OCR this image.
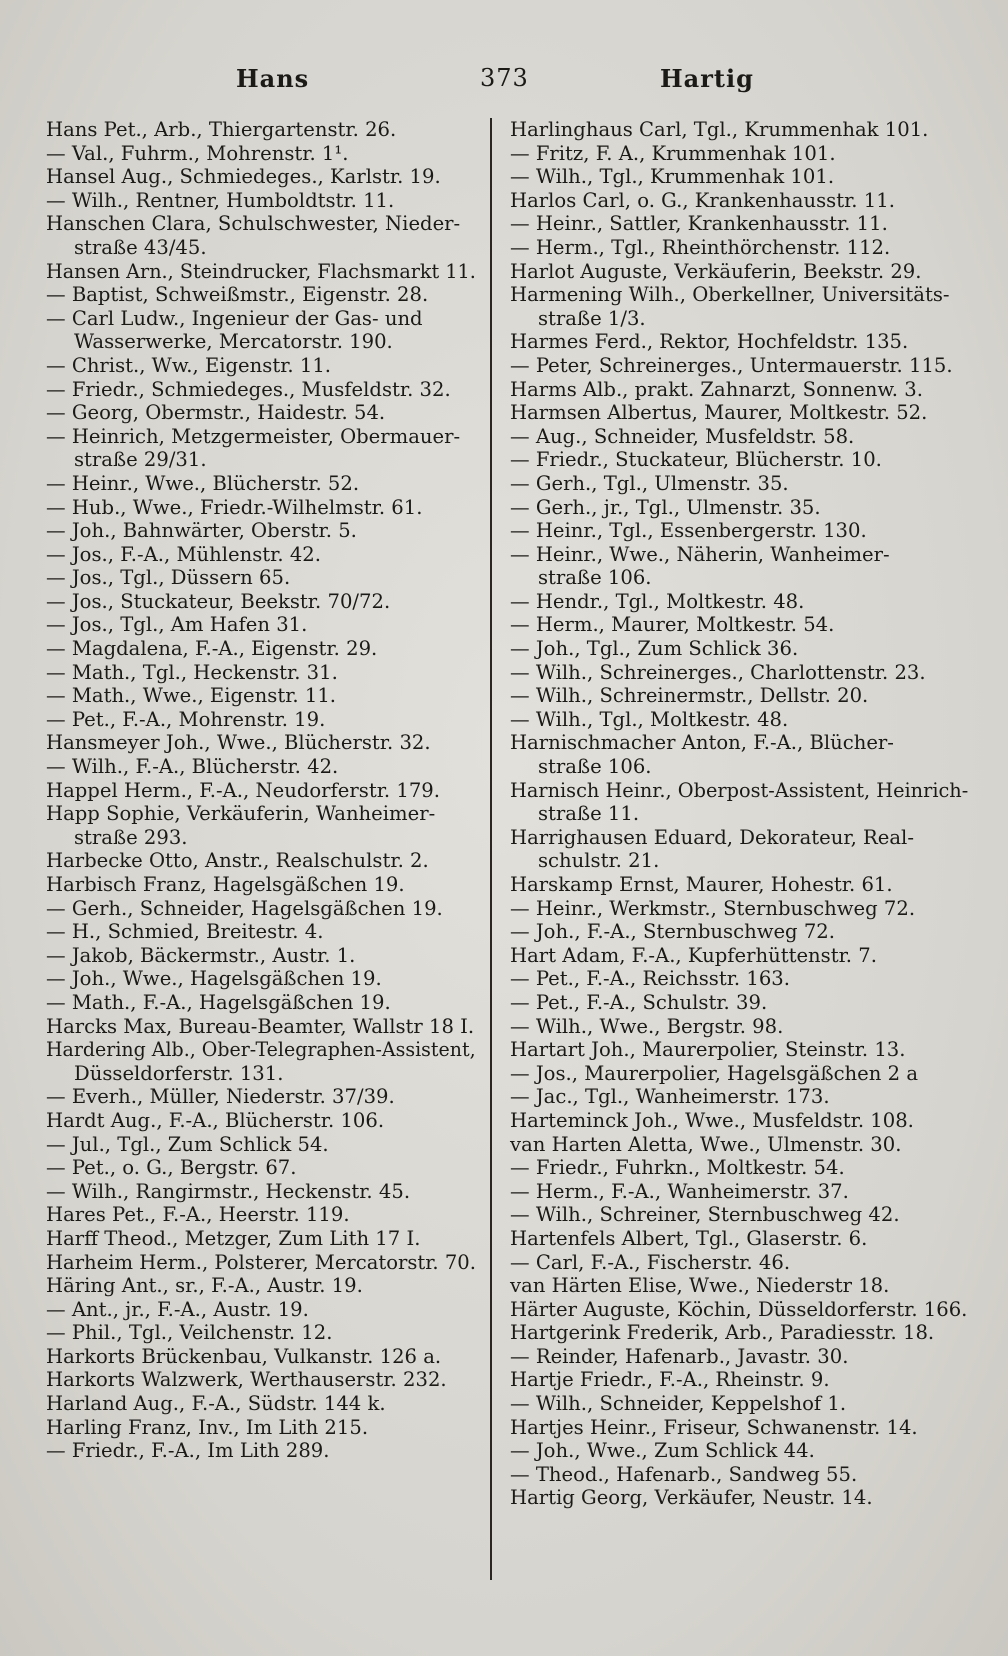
Hans	373	Hartig
Hans Pet., Arb., Thiergartenstr. 26.
— Val., Fuhrm., Mohrenstr. 1¹.
Hansel Aug., Schmiedeges., Karlstr. 19.
— Wilh., Rentner, Humboldtstr. 11.
Hanschen Clara, Schulschwester, Nieder-
straße 43/45.
Hansen Arn., Steindrucker, Flachsmarkt 11.
— Baptist, Schweißmstr., Eigenstr. 28.
— Carl Ludw., Ingenieur der Gas- und
Wasserwerke, Mercatorstr. 190.
— Christ., Ww., Eigenstr. 11.
— Friedr., Schmiedeges., Musfeldstr. 32.
— Georg, Obermstr., Haidestr. 54.
— Heinrich, Metzgermeister, Obermauer-
straße 29/31.
— Heinr., Wwe., Blücherstr. 52.
— Hub., Wwe., Friedr.-Wilhelmstr. 61.
— Joh., Bahnwärter, Oberstr. 5.
— Jos., F.-A., Mühlenstr. 42.
— Jos., Tgl., Düssern 65.
— Jos., Stuckateur, Beekstr. 70/72.
— Jos., Tgl., Am Hafen 31.
— Magdalena, F.-A., Eigenstr. 29.
— Math., Tgl., Heckenstr. 31.
— Math., Wwe., Eigenstr. 11.
— Pet., F.-A., Mohrenstr. 19.
Hansmeyer Joh., Wwe., Blücherstr. 32.
— Wilh., F.-A., Blücherstr. 42.
Happel Herm., F.-A., Neudorferstr. 179.
Happ Sophie, Verkäuferin, Wanheimer-
straße 293.
Harbecke Otto, Anstr., Realschulstr. 2.
Harbisch Franz, Hagelsgäßchen 19.
— Gerh., Schneider, Hagelsgäßchen 19.
— H., Schmied, Breitestr. 4.
— Jakob, Bäckermstr., Austr. 1.
— Joh., Wwe., Hagelsgäßchen 19.
— Math., F.-A., Hagelsgäßchen 19.
Harcks Max, Bureau-Beamter, Wallstr 18 I.
Hardering Alb., Ober-Telegraphen-Assistent,
Düsseldorferstr. 131.
— Everh., Müller, Niederstr. 37/39.
Hardt Aug., F.-A., Blücherstr. 106.
— Jul., Tgl., Zum Schlick 54.
— Pet., o. G., Bergstr. 67.
— Wilh., Rangirmstr., Heckenstr. 45.
Hares Pet., F.-A., Heerstr. 119.
Harff Theod., Metzger, Zum Lith 17 I.
Harheim Herm., Polsterer, Mercatorstr. 70.
Häring Ant., sr., F.-A., Austr. 19.
— Ant., jr., F.-A., Austr. 19.
— Phil., Tgl., Veilchenstr. 12.
Harkorts Brückenbau, Vulkanstr. 126 a.
Harkorts Walzwerk, Werthauserstr. 232.
Harland Aug., F.-A., Südstr. 144 k.
Harling Franz, Inv., Im Lith 215.
— Friedr., F.-A., Im Lith 289.
Harlinghaus Carl, Tgl., Krummenhak 101.
— Fritz, F. A., Krummenhak 101.
— Wilh., Tgl., Krummenhak 101.
Harlos Carl, o. G., Krankenhausstr. 11.
— Heinr., Sattler, Krankenhausstr. 11.
— Herm., Tgl., Rheinthörchenstr. 112.
Harlot Auguste, Verkäuferin, Beekstr. 29.
Harmening Wilh., Oberkellner, Universitäts-
straße 1/3.
Harmes Ferd., Rektor, Hochfeldstr. 135.
— Peter, Schreinerges., Untermauerstr. 115.
Harms Alb., prakt. Zahnarzt, Sonnenw. 3.
Harmsen Albertus, Maurer, Moltkestr. 52.
— Aug., Schneider, Musfeldstr. 58.
— Friedr., Stuckateur, Blücherstr. 10.
— Gerh., Tgl., Ulmenstr. 35.
— Gerh., jr., Tgl., Ulmenstr. 35.
— Heinr., Tgl., Essenbergerstr. 130.
— Heinr., Wwe., Näherin, Wanheimer-
straße 106.
— Hendr., Tgl., Moltkestr. 48.
— Herm., Maurer, Moltkestr. 54.
— Joh., Tgl., Zum Schlick 36.
— Wilh., Schreinerges., Charlottenstr. 23.
— Wilh., Schreinermstr., Dellstr. 20.
— Wilh., Tgl., Moltkestr. 48.
Harnischmacher Anton, F.-A., Blücher-
straße 106.
Harnisch Heinr., Oberpost-Assistent, Heinrich-
straße 11.
Harrighausen Eduard, Dekorateur, Real-
schulstr. 21.
Harskamp Ernst, Maurer, Hohestr. 61.
— Heinr., Werkmstr., Sternbuschweg 72.
— Joh., F.-A., Sternbuschweg 72.
Hart Adam, F.-A., Kupferhüttenstr. 7.
— Pet., F.-A., Reichsstr. 163.
— Pet., F.-A., Schulstr. 39.
— Wilh., Wwe., Bergstr. 98.
Hartart Joh., Maurerpolier, Steinstr. 13.
— Jos., Maurerpolier, Hagelsgäßchen 2 a
— Jac., Tgl., Wanheimerstr. 173.
Harteminck Joh., Wwe., Musfeldstr. 108.
van Harten Aletta, Wwe., Ulmenstr. 30.
— Friedr., Fuhrkn., Moltkestr. 54.
— Herm., F.-A., Wanheimerstr. 37.
— Wilh., Schreiner, Sternbuschweg 42.
Hartenfels Albert, Tgl., Glaserstr. 6.
— Carl, F.-A., Fischerstr. 46.
van Härten Elise, Wwe., Niederstr 18.
Härter Auguste, Köchin, Düsseldorferstr. 166.
Hartgerink Frederik, Arb., Paradiesstr. 18.
— Reinder, Hafenarb., Javastr. 30.
Hartje Friedr., F.-A., Rheinstr. 9.
— Wilh., Schneider, Keppelshof 1.
Hartjes Heinr., Friseur, Schwanenstr. 14.
— Joh., Wwe., Zum Schlick 44.
— Theod., Hafenarb., Sandweg 55.
Hartig Georg, Verkäufer, Neustr. 14.
